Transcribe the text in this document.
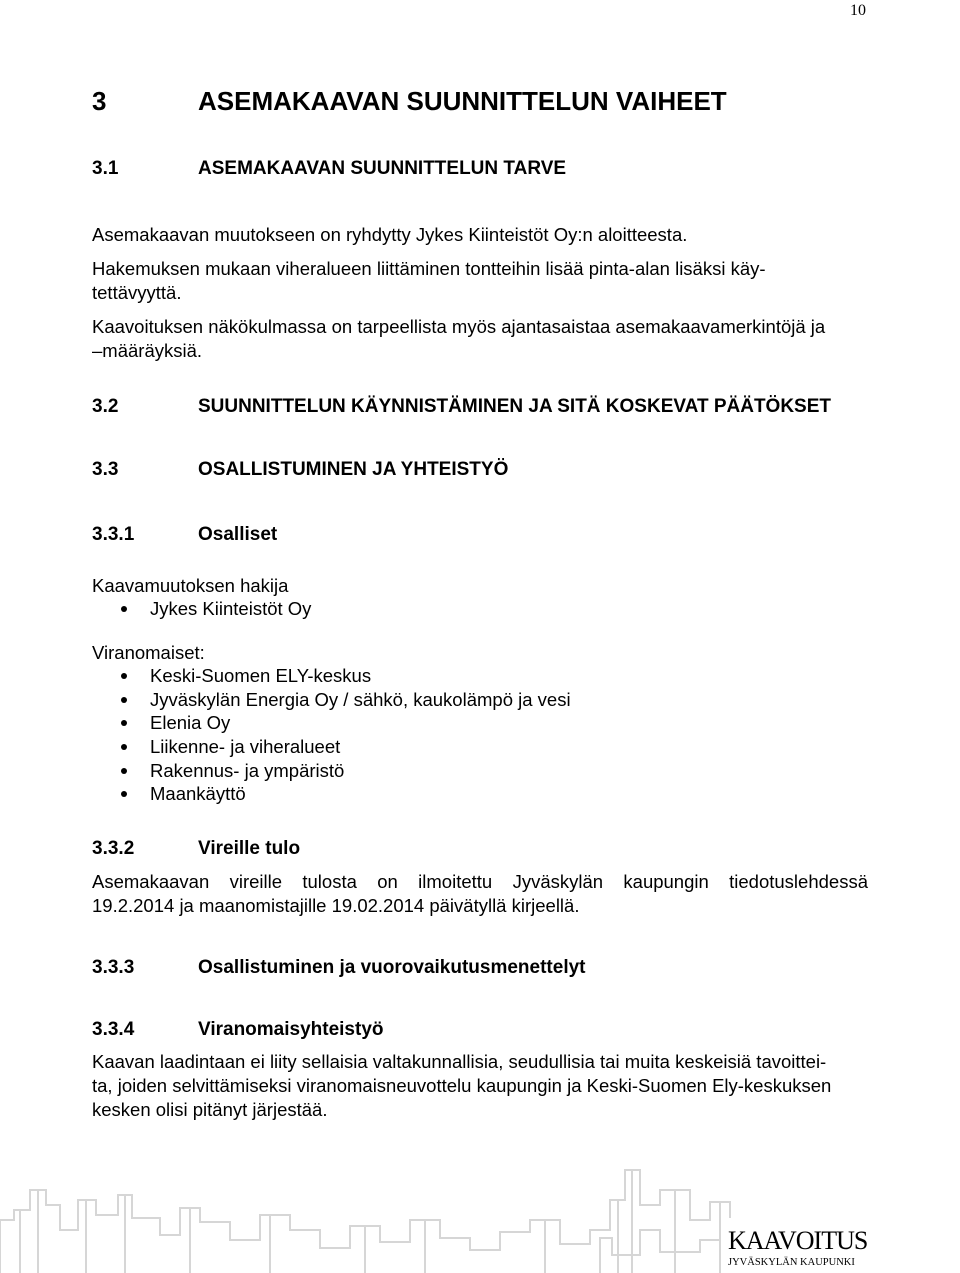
10
3	ASEMAKAAVAN SUUNNITTELUN VAIHEET
3.1	ASEMAKAAVAN SUUNNITTELUN TARVE
Asemakaavan muutokseen on ryhdytty Jykes Kiinteistöt Oy:n aloitteesta.
Hakemuksen mukaan viheralueen liittäminen tontteihin lisää pinta-alan lisäksi käy-
tettävyyttä.
Kaavoituksen näkökulmassa on tarpeellista myös ajantasaistaa asemakaavamerkintöjä ja
–määräyksiä.
3.2	SUUNNITTELUN KÄYNNISTÄMINEN JA SITÄ KOSKEVAT PÄÄTÖKSET
3.3	OSALLISTUMINEN JA YHTEISTYÖ
3.3.1	Osalliset
Kaavamuutoksen hakija
Jykes Kiinteistöt Oy
Viranomaiset:
Keski-Suomen ELY-keskus
Jyväskylän Energia Oy / sähkö, kaukolämpö ja vesi
Elenia Oy
Liikenne- ja viheralueet
Rakennus- ja ympäristö
Maankäyttö
3.3.2	Vireille tulo
Asemakaavan vireille tulosta on ilmoitettu Jyväskylän kaupungin tiedotuslehdessä
19.2.2014 ja maanomistajille 19.02.2014 päivätyllä kirjeellä.
3.3.3	Osallistuminen ja vuorovaikutusmenettelyt
3.3.4	Viranomaisyhteistyö
Kaavan laadintaan ei liity sellaisia valtakunnallisia, seudullisia tai muita keskeisiä tavoittei-
ta, joiden selvittämiseksi viranomaisneuvottelu kaupungin ja Keski-Suomen Ely-keskuksen
kesken olisi pitänyt järjestää.
KAAVOITUS
JYVÄSKYLÄN KAUPUNKI
